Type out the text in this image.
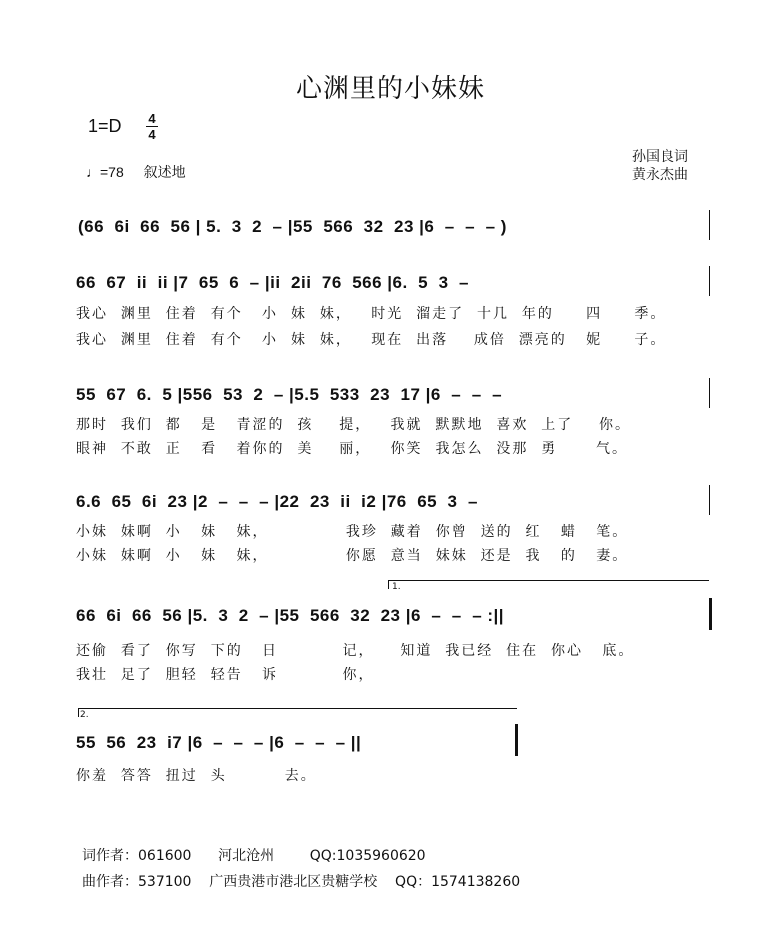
心渊里的小妹妹
1=D 4
4
♩=78 叙述地
孙国良词
黄永杰曲
(66  6i  66  56 | 5.  3  2  – |55  566  32  23 |6  –  –  – )
66  67  ii  ii |7  65  6  – |ii  2ii  76  566 |6.  5  3  –
我心  渊里  住着  有个   小  妹  妹，   时光  溜走了  十几  年的     四     季。
我心  渊里  住着  有个   小  妹  妹，   现在  出落    成倍  漂亮的   妮     子。
55  67  6.  5 |556  53  2  – |5.5  533  23  17 |6  –  –  –
那时  我们  都   是   青涩的  孩    提，   我就  默默地  喜欢  上了    你。
眼神  不敢  正   看   着你的  美    丽，   你笑  我怎么  没那  勇      气。
6.6  65  6i  23 |2  –  –  – |22  23  ii  i2 |76  65  3  –
小妹  妹啊  小   妹   妹，            我珍  藏着  你曾  送的  红   蜡   笔。
小妹  妹啊  小   妹   妹，            你愿  意当  妹妹  还是  我   的   妻。
1.
66  6i  66  56 |5.  3  2  – |55  566  32  23 |6  –  –  – :||
还偷  看了  你写  下的   日          记，    知道  我已经  住在  你心   底。
我壮  足了  胆轻  轻告   诉          你，
2.
55  56  23  i7 |6  –  –  – |6  –  –  – ||
你羞  答答  扭过  头         去。
词作者：061600      河北沧州        QQ:1035960620
曲作者：537100    广西贵港市港北区贵糖学校    QQ：1574138260
